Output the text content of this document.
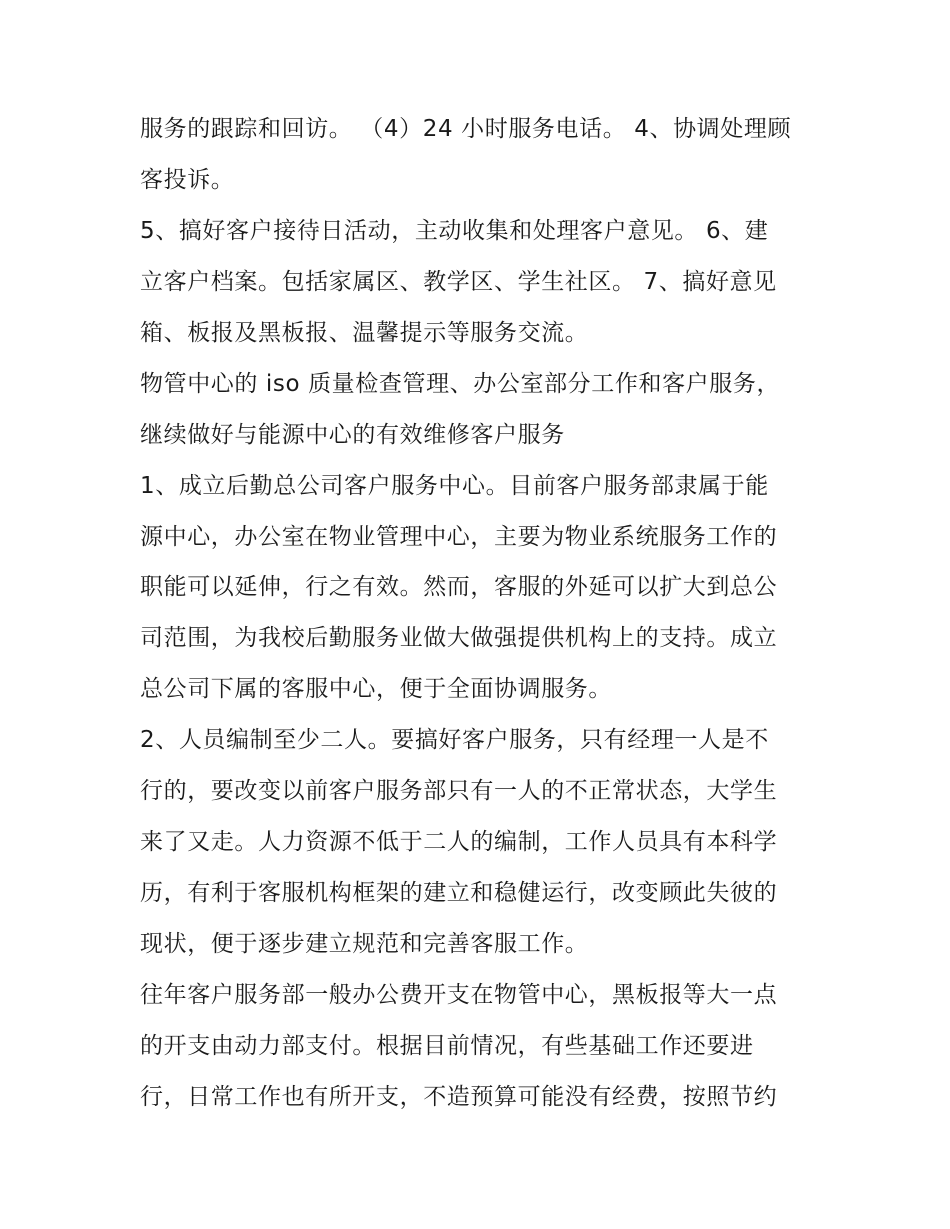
服务的跟踪和回访。 （4）24 小时服务电话。 4、协调处理顾
客投诉。
5、搞好客户接待日活动，主动收集和处理客户意见。 6、建
立客户档案。包括家属区、教学区、学生社区。 7、搞好意见
箱、板报及黑板报、温馨提示等服务交流。
物管中心的 iso 质量检查管理、办公室部分工作和客户服务，
继续做好与能源中心的有效维修客户服务
1、成立后勤总公司客户服务中心。目前客户服务部隶属于能
源中心，办公室在物业管理中心，主要为物业系统服务工作的
职能可以延伸，行之有效。然而，客服的外延可以扩大到总公
司范围，为我校后勤服务业做大做强提供机构上的支持。成立
总公司下属的客服中心，便于全面协调服务。
2、人员编制至少二人。要搞好客户服务，只有经理一人是不
行的，要改变以前客户服务部只有一人的不正常状态，大学生
来了又走。人力资源不低于二人的编制，工作人员具有本科学
历，有利于客服机构框架的建立和稳健运行，改变顾此失彼的
现状，便于逐步建立规范和完善客服工作。
往年客户服务部一般办公费开支在物管中心，黑板报等大一点
的开支由动力部支付。根据目前情况，有些基础工作还要进
行，日常工作也有所开支，不造预算可能没有经费，按照节约
